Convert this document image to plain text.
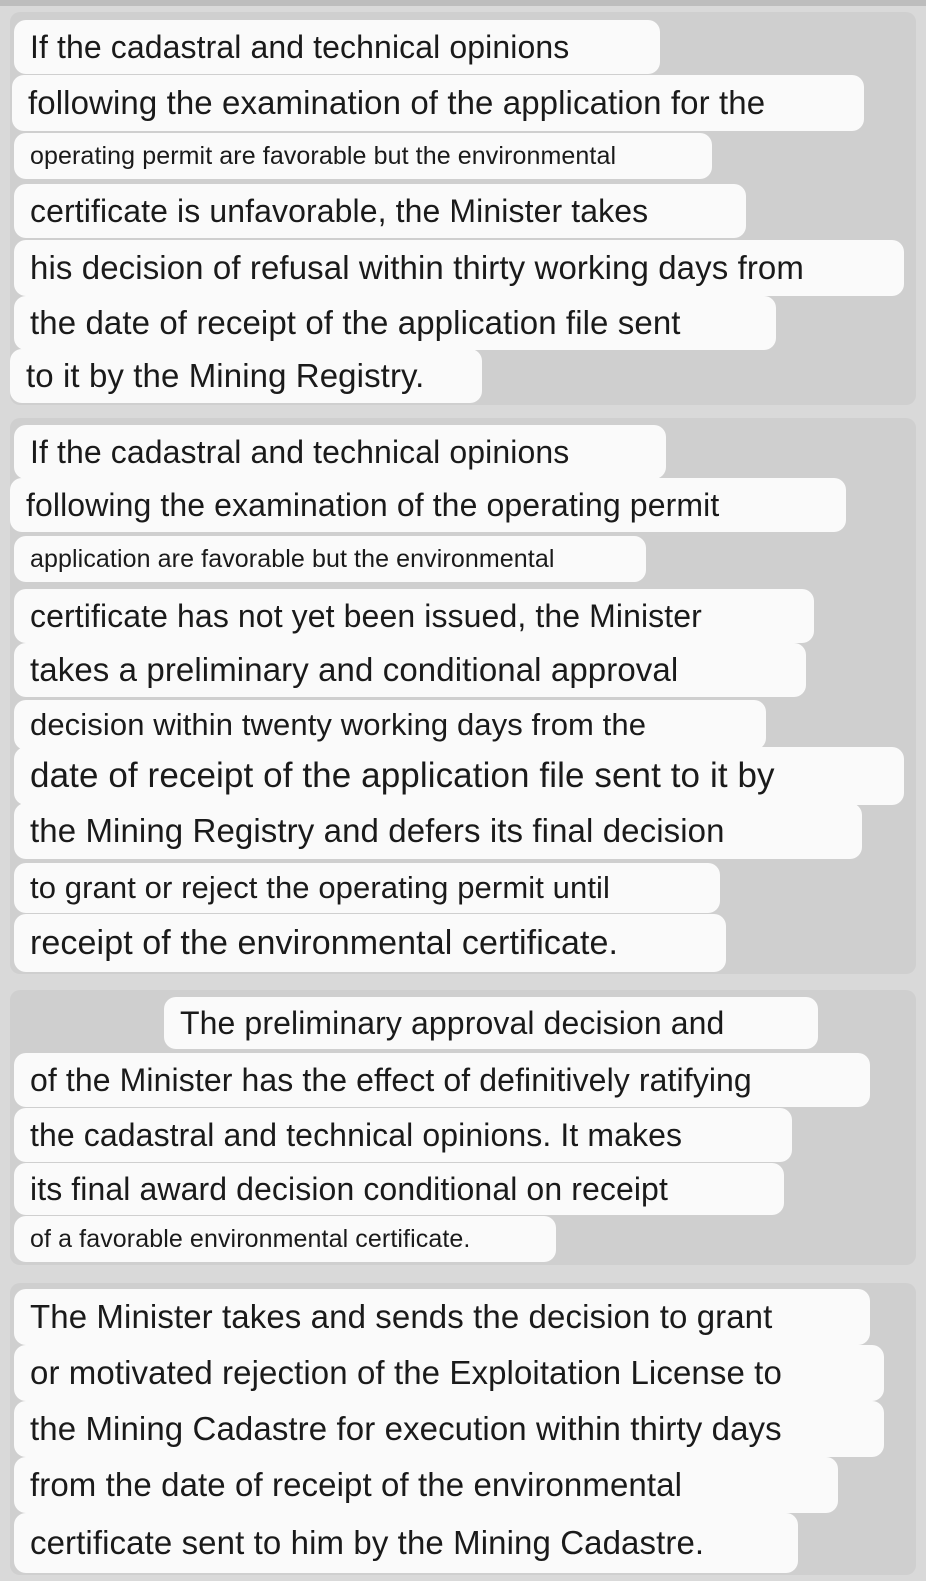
If the cadastral and technical opinions
following the examination of the application for the
operating permit are favorable but the environmental
certificate is unfavorable, the Minister takes
his decision of refusal within thirty working days from
the date of receipt of the application file sent
to it by the Mining Registry.
If the cadastral and technical opinions
following the examination of the operating permit
application are favorable but the environmental
certificate has not yet been issued, the Minister
takes a preliminary and conditional approval
decision within twenty working days from the
date of receipt of the application file sent to it by
the Mining Registry and defers its final decision
to grant or reject the operating permit until
receipt of the environmental certificate.
The preliminary approval decision and
of the Minister has the effect of definitively ratifying
the cadastral and technical opinions. It makes
its final award decision conditional on receipt
of a favorable environmental certificate.
The Minister takes and sends the decision to grant
or motivated rejection of the Exploitation License to
the Mining Cadastre for execution within thirty days
from the date of receipt of the environmental
certificate sent to him by the Mining Cadastre.
